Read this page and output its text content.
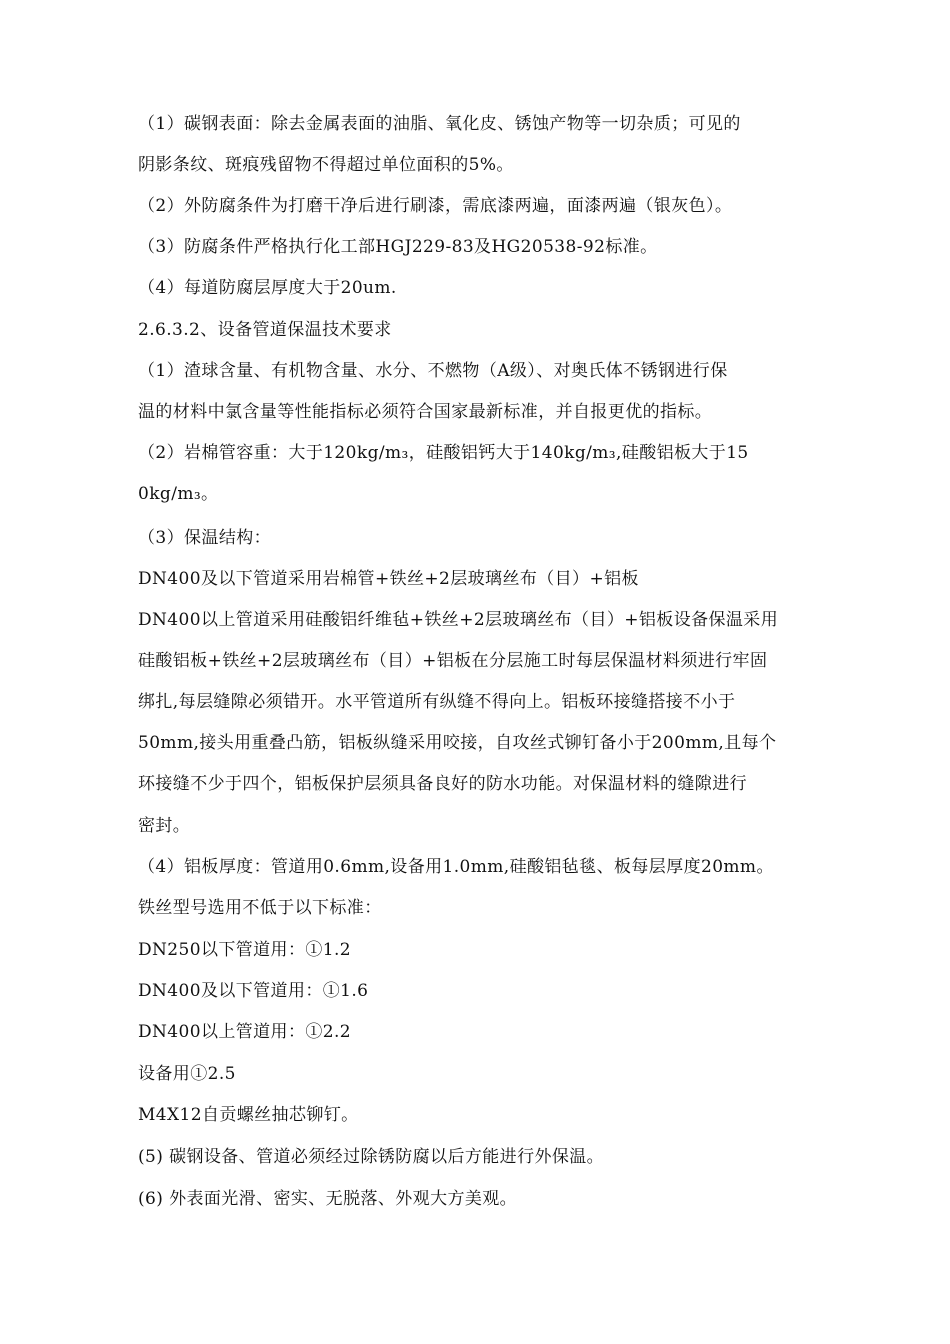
（1）碳钢表面：除去金属表面的油脂、氧化皮、锈蚀产物等一切杂质；可见的
阴影条纹、斑痕残留物不得超过单位面积的5%。
（2）外防腐条件为打磨干净后进行刷漆，需底漆两遍，面漆两遍（银灰色）。
（3）防腐条件严格执行化工部HGJ229-83及HG20538-92标准。
（4）每道防腐层厚度大于20um.
2.6.3.2、设备管道保温技术要求
（1）渣球含量、有机物含量、水分、不燃物（A级）、对奥氏体不锈钢进行保
温的材料中氯含量等性能指标必须符合国家最新标准，并自报更优的指标。
（2）岩棉管容重：大于120kg/m₃，硅酸铝钙大于140kg/m₃,硅酸铝板大于15
0kg/m₃。
（3）保温结构：
DN400及以下管道采用岩棉管+铁丝+2层玻璃丝布（目）+铝板
DN400以上管道采用硅酸铝纤维毡+铁丝+2层玻璃丝布（目）+铝板设备保温采用
硅酸铝板+铁丝+2层玻璃丝布（目）+铝板在分层施工时每层保温材料须进行牢固
绑扎,每层缝隙必须错开。水平管道所有纵缝不得向上。铝板环接缝搭接不小于
50mm,接头用重叠凸筋，铝板纵缝采用咬接，自攻丝式铆钉备小于200mm,且每个
环接缝不少于四个，铝板保护层须具备良好的防水功能。对保温材料的缝隙进行
密封。
（4）铝板厚度：管道用0.6mm,设备用1.0mm,硅酸铝毡毯、板每层厚度20mm。
铁丝型号选用不低于以下标准：
DN250以下管道用：①1.2
DN400及以下管道用：①1.6
DN400以上管道用：①2.2
设备用①2.5
M4X12自贡螺丝抽芯铆钉。
(5) 碳钢设备、管道必须经过除锈防腐以后方能进行外保温。
(6) 外表面光滑、密实、无脱落、外观大方美观。
